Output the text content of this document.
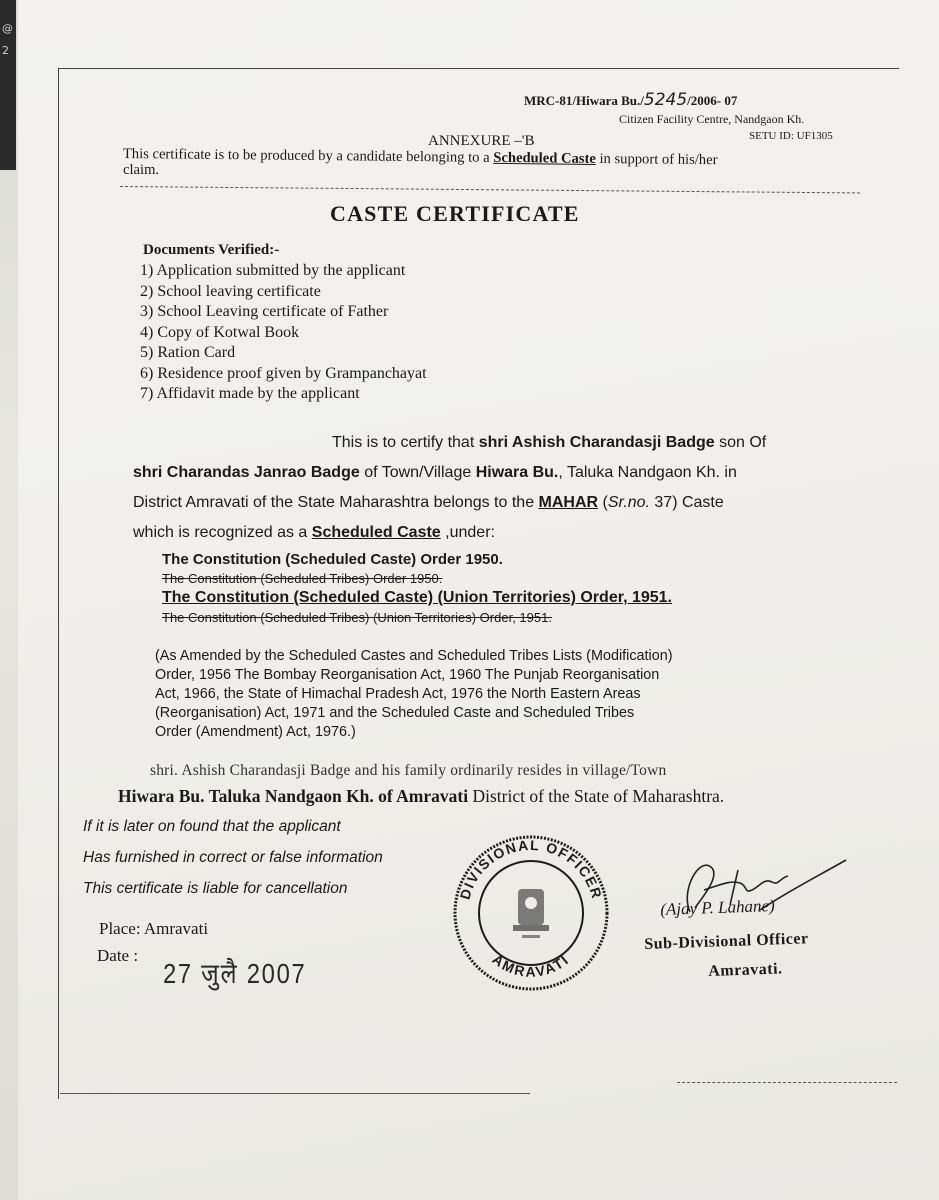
@
2
MRC-81/Hiwara Bu./5245/2006- 07
Citizen Facility Centre, Nandgaon Kh.
SETU ID: UF1305
ANNEXURE –'B
This certificate is to be produced by a candidate belonging to a Scheduled Caste in support of his/her
claim.
CASTE CERTIFICATE
Documents Verified:-
1) Application submitted by the applicant
2) School leaving certificate
3) School Leaving certificate of Father
4) Copy of Kotwal Book
5) Ration Card
6) Residence proof given by Grampanchayat
7) Affidavit made by the applicant
This is to certify that shri Ashish Charandasji Badge son Of
shri Charandas Janrao Badge of Town/Village Hiwara Bu., Taluka Nandgaon Kh. in
District Amravati of the State Maharashtra belongs to the MAHAR (Sr.no. 37) Caste
which is recognized as a Scheduled Caste ,under:
The Constitution (Scheduled Caste) Order 1950.
The Constitution (Scheduled Tribes) Order 1950.
The Constitution (Scheduled Caste) (Union Territories) Order, 1951.
The Constitution (Scheduled Tribes) (Union Territories) Order, 1951.
(As Amended by the Scheduled Castes and Scheduled Tribes Lists (Modification)
Order, 1956 The Bombay Reorganisation Act, 1960 The Punjab Reorganisation
Act, 1966, the State of Himachal Pradesh Act, 1976 the North Eastern Areas
(Reorganisation) Act, 1971 and the Scheduled Caste and Scheduled Tribes
Order (Amendment) Act, 1976.)
shri. Ashish Charandasji Badge and his family ordinarily resides in village/Town
Hiwara Bu. Taluka Nandgaon Kh. of Amravati District of the State of Maharashtra.
If it is later on found that the applicant
Has furnished in correct or false information
This certificate is liable for cancellation
Place: Amravati
Date :
27 जुलै 2007
DIVISIONAL OFFICER
AMRAVATI
(Ajay P. Lahane)
Sub-Divisional Officer
Amravati.
